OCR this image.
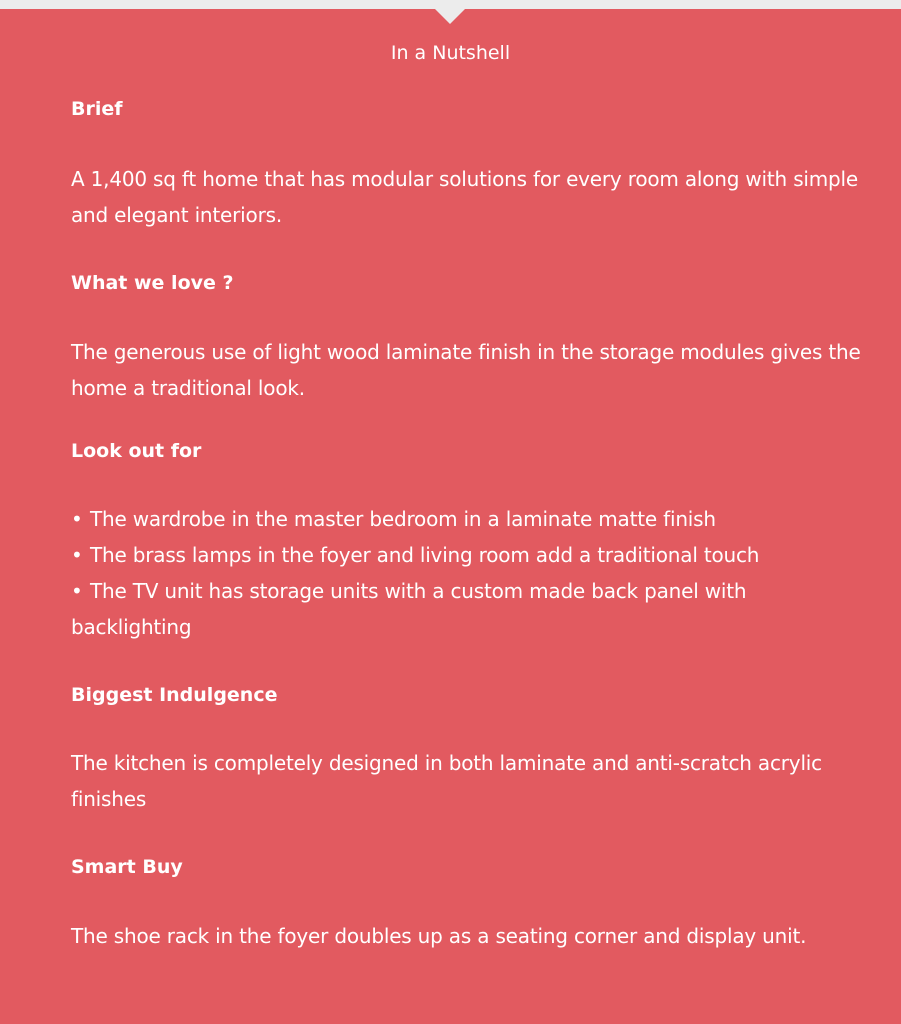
In a Nutshell
Brief

A 1,400 sq ft home that has modular solutions for every room along with simple and elegant interiors.

What we love ?

The generous use of light wood laminate finish in the storage modules gives the home a traditional look.

Look out for
• The wardrobe in the master bedroom in a laminate matte finish
• The brass lamps in the foyer and living room add a traditional touch
• The TV unit has storage units with a custom made back panel with backlighting
Biggest Indulgence

The kitchen is completely designed in both laminate and anti-scratch acrylic finishes

Smart Buy

The shoe rack in the foyer doubles up as a seating corner and display unit.
